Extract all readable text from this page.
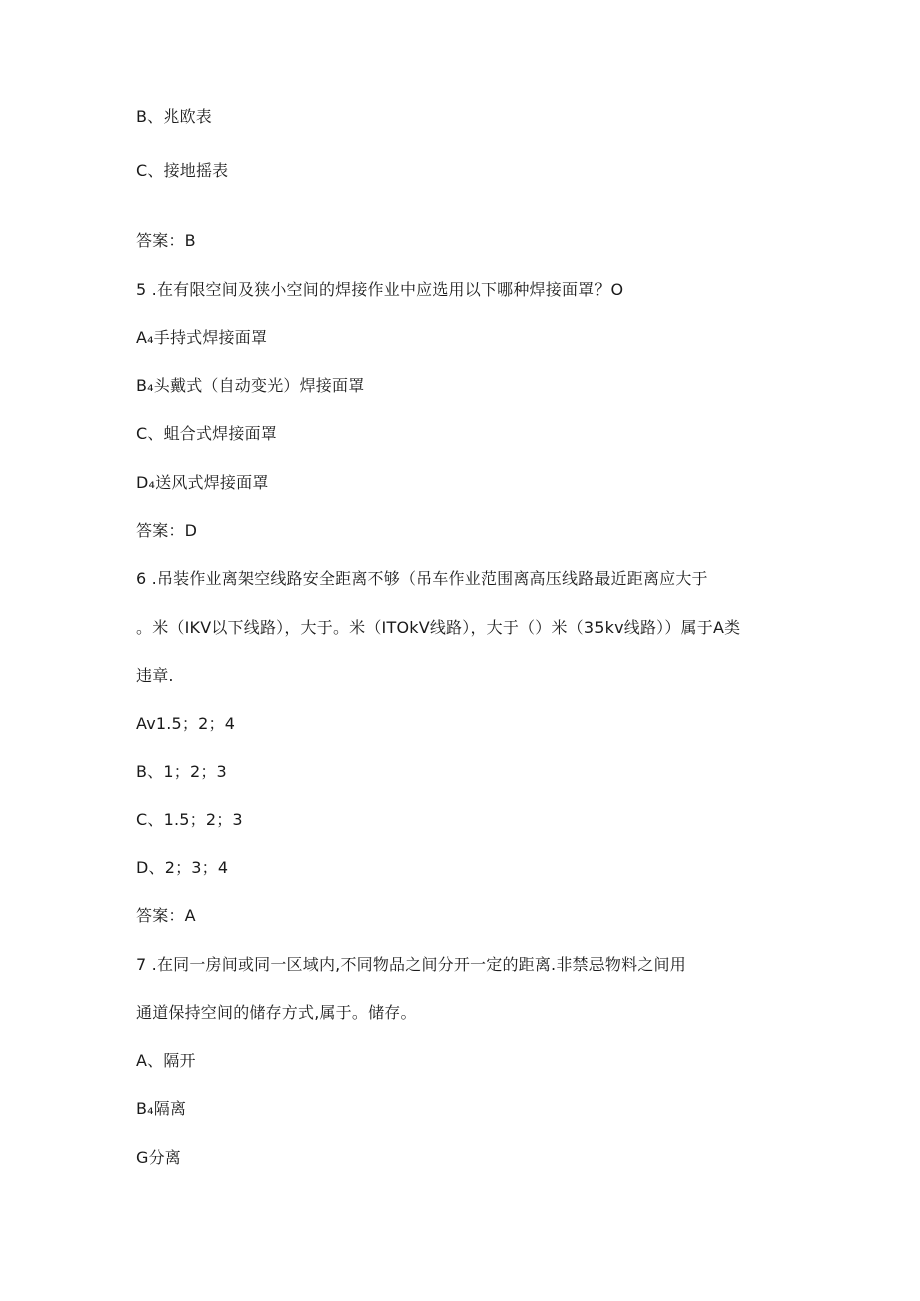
B、兆欧表
C、接地摇表
答案：B
5 .在有限空间及狭小空间的焊接作业中应选用以下哪种焊接面罩？O
A₄手持式焊接面罩
B₄头戴式（自动变光）焊接面罩
C、蛆合式焊接面罩
D₄送风式焊接面罩
答案：D
6 .吊装作业离架空线路安全距离不够（吊车作业范围离高压线路最近距离应大于
。米（IKV以下线路），大于。米（ITOkV线路），大于（）米（35kv线路））属于A类
违章.
Av1.5；2；4
B、1；2；3
C、1.5；2；3
D、2；3；4
答案：A
7 .在同一房间或同一区域内,不同物品之间分开一定的距离.非禁忌物料之间用
通道保持空间的储存方式,属于。储存。
A、隔开
B₄隔离
G分离
